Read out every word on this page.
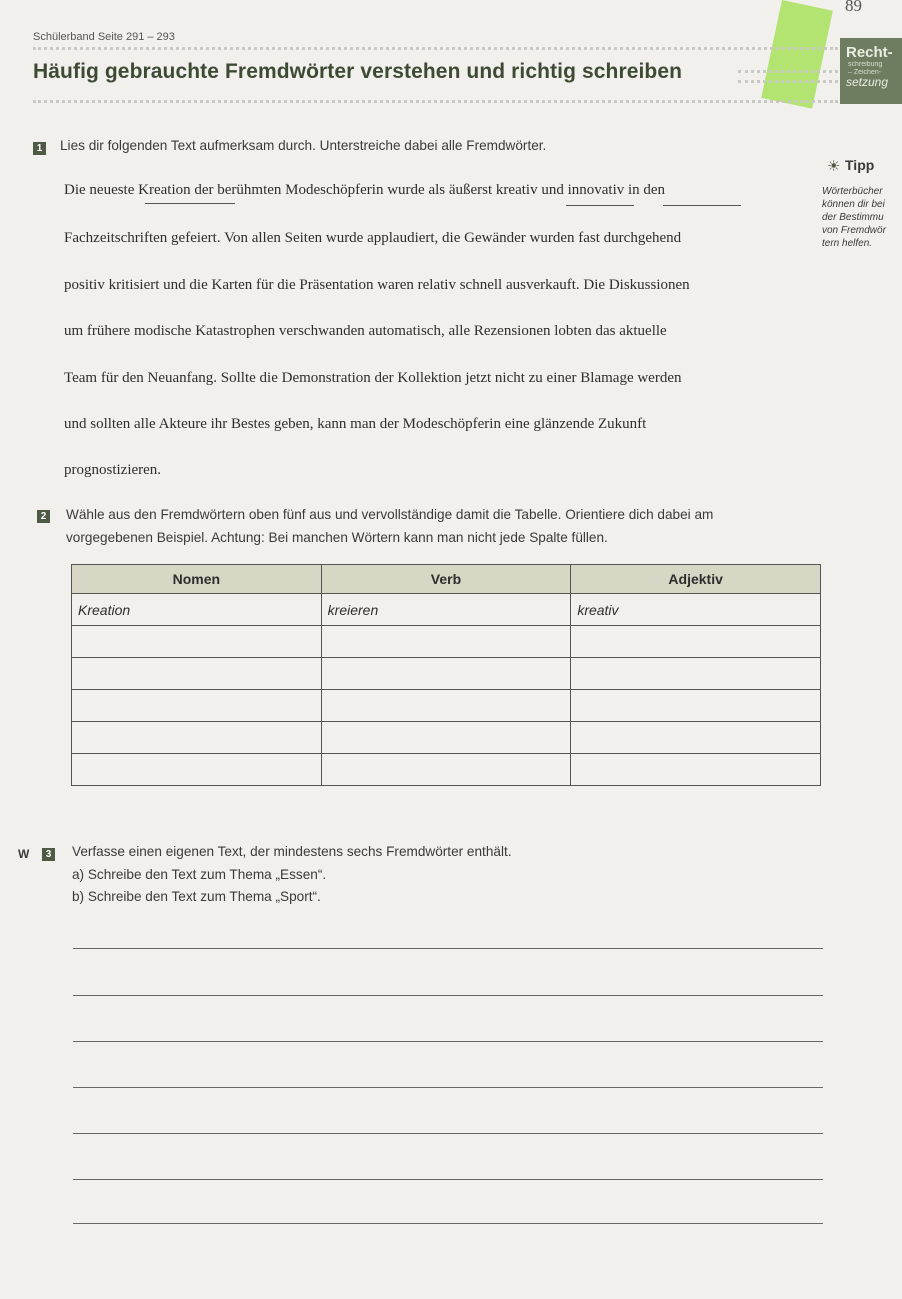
89
Schülerband Seite 291 – 293
Häufig gebrauchte Fremdwörter verstehen und richtig schreiben
Recht-
schreibung
– Zeichen-
setzung
1 Lies dir folgenden Text aufmerksam durch. Unterstreiche dabei alle Fremdwörter.
☀ Tipp
Wörterbücher
können dir bei
der Bestimmu
von Fremdwör
tern helfen.
Die neueste Kreation der berühmten Modeschöpferin wurde als äußerst kreativ und innovativ in den
Fachzeitschriften gefeiert. Von allen Seiten wurde applaudiert, die Gewänder wurden fast durchgehend
positiv kritisiert und die Karten für die Präsentation waren relativ schnell ausverkauft. Die Diskussionen
um frühere modische Katastrophen verschwanden automatisch, alle Rezensionen lobten das aktuelle
Team für den Neuanfang. Sollte die Demonstration der Kollektion jetzt nicht zu einer Blamage werden
und sollten alle Akteure ihr Bestes geben, kann man der Modeschöpferin eine glänzende Zukunft
prognostizieren.
2 Wähle aus den Fremdwörtern oben fünf aus und vervollständige damit die Tabelle. Orientiere dich dabei am
vorgegebenen Beispiel. Achtung: Bei manchen Wörtern kann man nicht jede Spalte füllen.
Nomen	Verb	Adjektiv
Kreation	kreieren	kreativ

W	3 Verfasse einen eigenen Text, der mindestens sechs Fremdwörter enthält.
a) Schreibe den Text zum Thema „Essen“.
b) Schreibe den Text zum Thema „Sport“.
